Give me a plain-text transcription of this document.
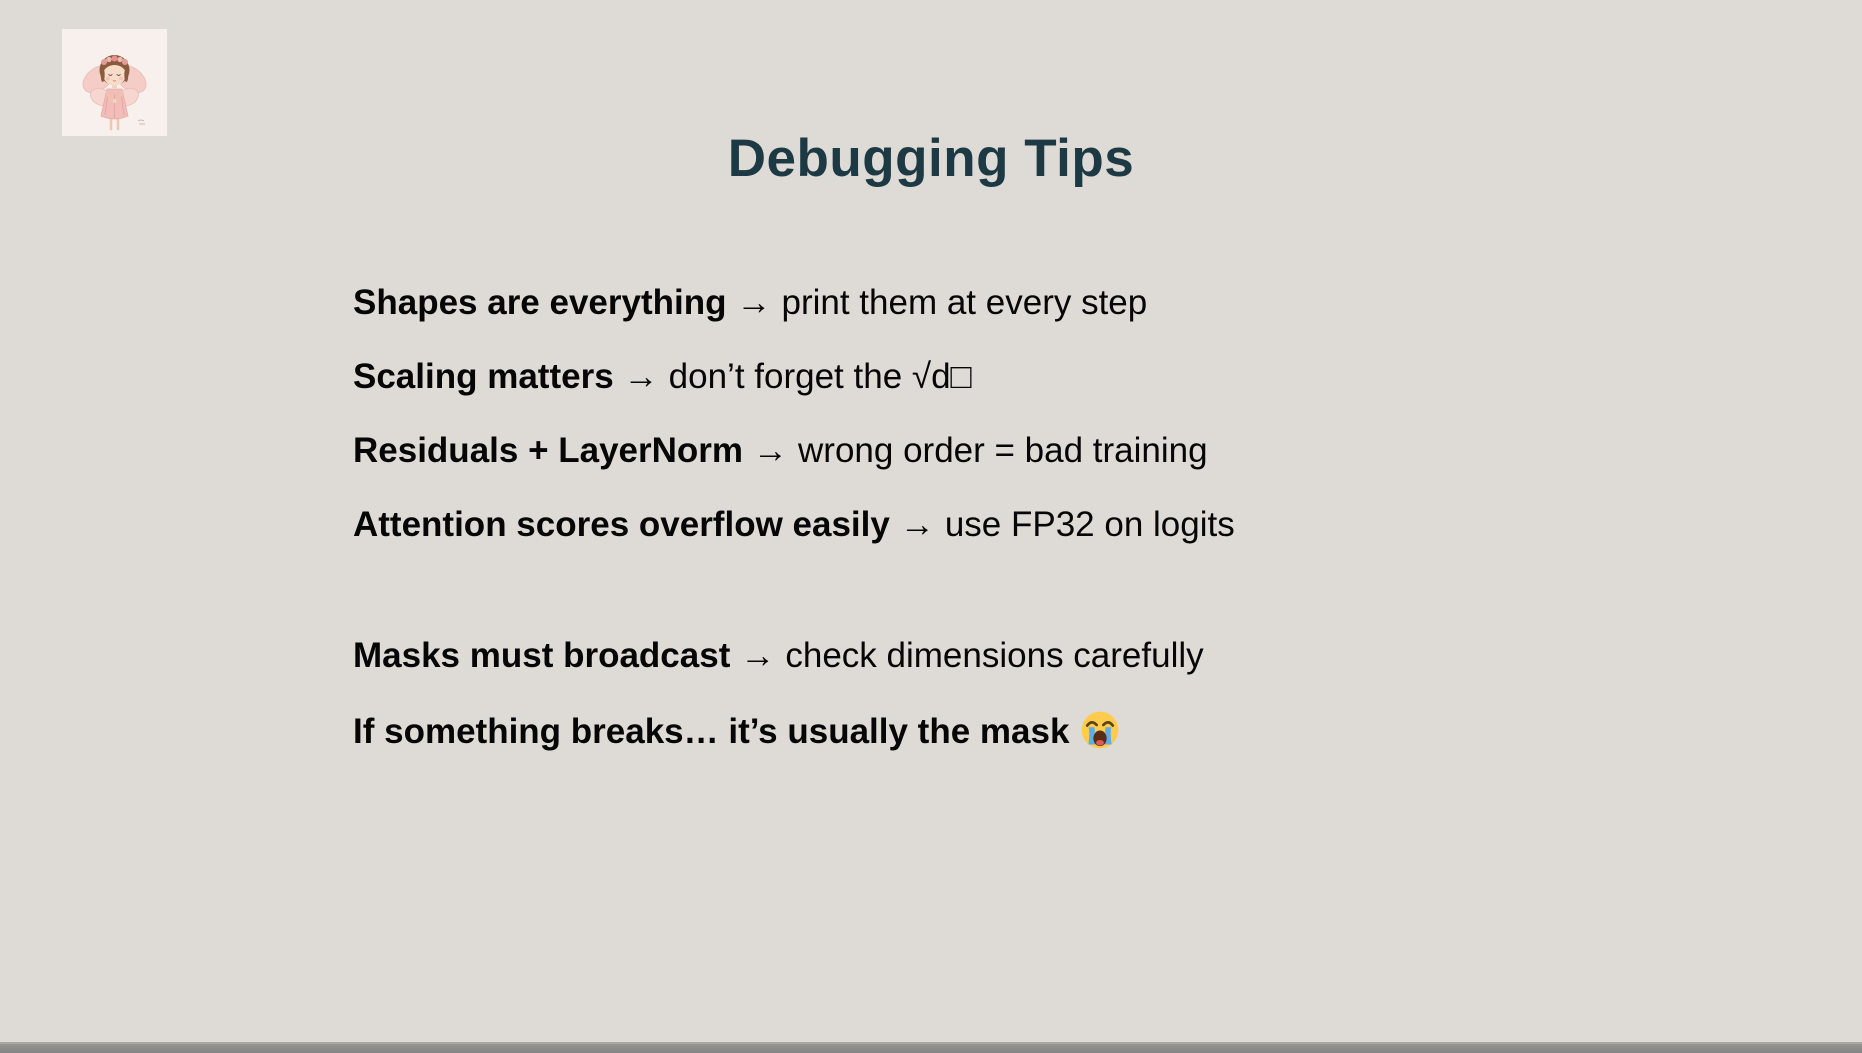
Debugging Tips
Shapes are everything → print them at every step
Scaling matters → don’t forget the √d□
Residuals + LayerNorm → wrong order = bad training
Attention scores overflow easily → use FP32 on logits
Masks must broadcast → check dimensions carefully
If something breaks… it’s usually the mask
